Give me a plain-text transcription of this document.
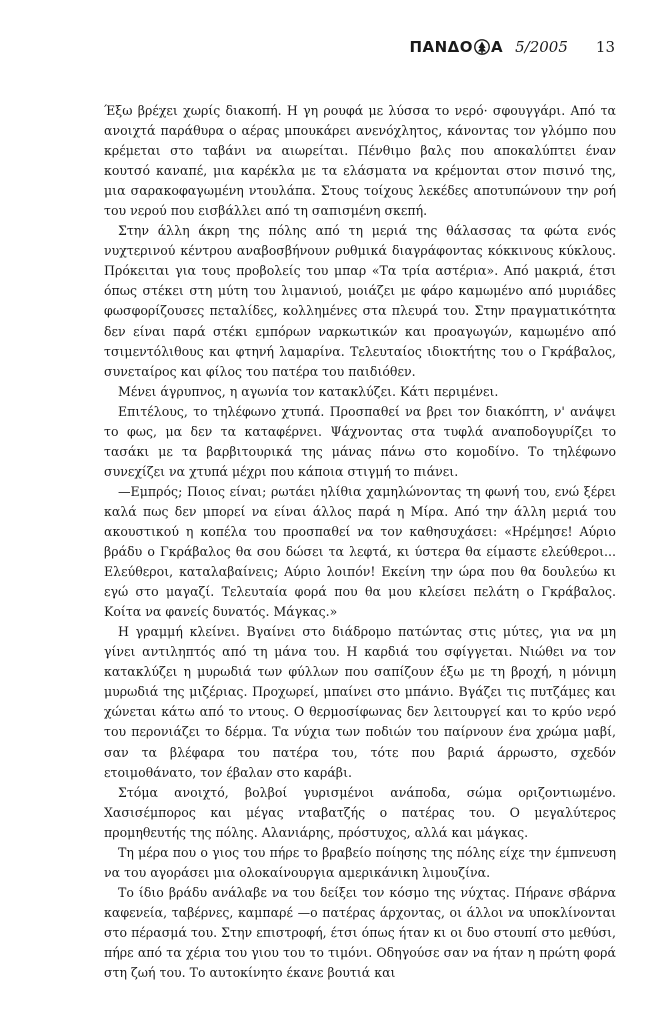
ΠΑΝΔΟ Α 5/2005 13

Έξω βρέχει χωρίς διακοπή. Η γη ρουφά με λύσσα το νερό· σφουγγάρι. Από τα ανοιχτά παράθυρα ο αέρας μπουκάρει ανενόχλητος, κάνοντας τον γλόμπο που κρέμεται στο ταβάνι να αιωρείται. Πένθιμο βαλς που αποκαλύπτει έναν κουτσό καναπέ, μια καρέκλα με τα ελάσματα να κρέμονται στον πισινό της, μια σαρακοφαγωμένη ντουλάπα. Στους τοίχους λεκέδες αποτυπώνουν την ροή του νερού που εισβάλλει από τη σαπισμένη σκεπή.

Στην άλλη άκρη της πόλης από τη μεριά της θάλασσας τα φώτα ενός νυχτερινού κέντρου αναβοσβήνουν ρυθμικά διαγράφοντας κόκκινους κύκλους. Πρόκειται για τους προβολείς του μπαρ «Τα τρία αστέρια». Από μακριά, έτσι όπως στέκει στη μύτη του λιμανιού, μοιάζει με φάρο καμωμένο από μυριάδες φωσφορίζουσες πεταλίδες, κολλημένες στα πλευρά του. Στην πραγματικότητα δεν είναι παρά στέκι εμπόρων ναρκωτικών και προαγωγών, καμωμένο από τσιμεντόλιθους και φτηνή λαμαρίνα. Τελευταίος ιδιοκτήτης του ο Γκράβαλος, συνεταίρος και φίλος του πατέρα του παιδιόθεν.

Μένει άγρυπνος, η αγωνία τον κατακλύζει. Κάτι περιμένει.

Επιτέλους, το τηλέφωνο χτυπά. Προσπαθεί να βρει τον διακόπτη, ν' ανάψει το φως, μα δεν τα καταφέρνει. Ψάχνοντας στα τυφλά αναποδογυρίζει το τασάκι με τα βαρβιτουρικά της μάνας πάνω στο κομοδίνο. Το τηλέφωνο συνεχίζει να χτυπά μέχρι που κάποια στιγμή το πιάνει.

—Εμπρός; Ποιος είναι; ρωτάει ηλίθια χαμηλώνοντας τη φωνή του, ενώ ξέρει καλά πως δεν μπορεί να είναι άλλος παρά η Μίρα. Από την άλλη μεριά του ακουστικού η κοπέλα του προσπαθεί να τον καθησυχάσει: «Ηρέμησε! Αύριο βράδυ ο Γκράβαλος θα σου δώσει τα λεφτά, κι ύστερα θα είμαστε ελεύθεροι... Ελεύθεροι, καταλαβαίνεις; Αύριο λοιπόν! Εκείνη την ώρα που θα δουλεύω κι εγώ στο μαγαζί. Τελευταία φορά που θα μου κλείσει πελάτη ο Γκράβαλος. Κοίτα να φανείς δυνατός. Μάγκας.»

Η γραμμή κλείνει. Βγαίνει στο διάδρομο πατώντας στις μύτες, για να μη γίνει αντιληπτός από τη μάνα του. Η καρδιά του σφίγγεται. Νιώθει να τον κατακλύζει η μυρωδιά των φύλλων που σαπίζουν έξω με τη βροχή, η μόνιμη μυρωδιά της μιζέριας. Προχωρεί, μπαίνει στο μπάνιο. Βγάζει τις πυτζάμες και χώνεται κάτω από το ντους. Ο θερμοσίφωνας δεν λειτουργεί και το κρύο νερό του περονιάζει το δέρμα. Τα νύχια των ποδιών του παίρνουν ένα χρώμα μαβί, σαν τα βλέφαρα του πατέρα του, τότε που βαριά άρρωστο, σχεδόν ετοιμοθάνατο, τον έβαλαν στο καράβι.

Στόμα ανοιχτό, βολβοί γυρισμένοι ανάποδα, σώμα οριζοντιωμένο. Χασισέμπορος και μέγας νταβατζής ο πατέρας του. Ο μεγαλύτερος προμηθευτής της πόλης. Αλανιάρης, πρόστυχος, αλλά και μάγκας.

Τη μέρα που ο γιος του πήρε το βραβείο ποίησης της πόλης είχε την έμπνευση να του αγοράσει μια ολοκαίνουργια αμερικάνικη λιμουζίνα.

Το ίδιο βράδυ ανάλαβε να του δείξει τον κόσμο της νύχτας. Πήρανε σβάρνα καφενεία, ταβέρνες, καμπαρέ —ο πατέρας άρχοντας, οι άλλοι να υποκλίνονται στο πέρασμά του. Στην επιστροφή, έτσι όπως ήταν κι οι δυο στουπί στο μεθύσι, πήρε από τα χέρια του γιου του το τιμόνι. Οδηγούσε σαν να ήταν η πρώτη φορά στη ζωή του. Το αυτοκίνητο έκανε βουτιά και
